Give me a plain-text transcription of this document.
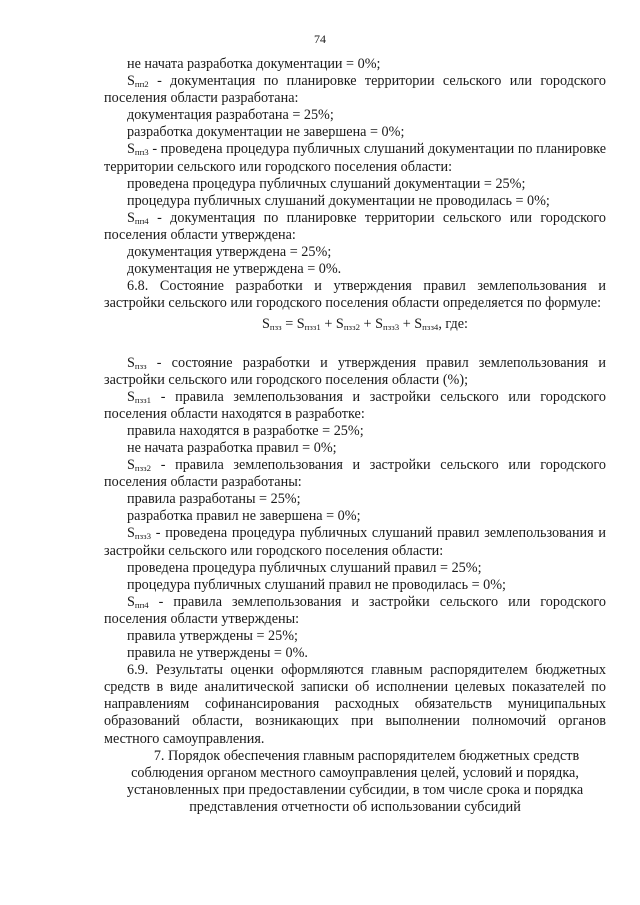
74

не начата разработка документации = 0%;

$S_{пп2}$ - документация по планировке территории сельского или городского поселения области разработана:

документация разработана = 25%;

разработка документации не завершена = 0%;

$S_{пп3}$ - проведена процедура публичных слушаний документации по планировке территории сельского или городского поселения области:

проведена процедура публичных слушаний документации = 25%;

процедура публичных слушаний документации не проводилась = 0%;

$S_{пп4}$ - документация по планировке территории сельского или городского поселения области утверждена:

документация утверждена = 25%;

документация не утверждена = 0%.

6.8. Состояние разработки и утверждения правил землепользования и застройки сельского или городского поселения области определяется по формуле:

$S_{пзз} = S_{пзз1} + S_{пзз2} + S_{пзз3} + S_{пзз4}$, где:

$S_{пзз}$ - состояние разработки и утверждения правил землепользования и застройки сельского или городского поселения области (%);

$S_{пзз1}$ - правила землепользования и застройки сельского или городского поселения области находятся в разработке:

правила находятся в разработке = 25%;

не начата разработка правил = 0%;

$S_{пзз2}$ - правила землепользования и застройки сельского или городского поселения области разработаны:

правила разработаны = 25%;

разработка правил не завершена = 0%;

$S_{пзз3}$ - проведена процедура публичных слушаний правил землепользования и застройки сельского или городского поселения области:

проведена процедура публичных слушаний правил = 25%;

процедура публичных слушаний правил не проводилась = 0%;

$S_{пп4}$ - правила землепользования и застройки сельского или городского поселения области утверждены:

правила утверждены = 25%;

правила не утверждены = 0%.

6.9. Результаты оценки оформляются главным распорядителем бюджетных средств в виде аналитической записки об исполнении целевых показателей по направлениям софинансирования расходных обязательств муниципальных образований области, возникающих при выполнении полномочий органов местного самоуправления.

7. Порядок обеспечения главным распорядителем бюджетных средств соблюдения органом местного самоуправления целей, условий и порядка, установленных при предоставлении субсидии, в том числе срока и порядка представления отчетности об использовании субсидий
